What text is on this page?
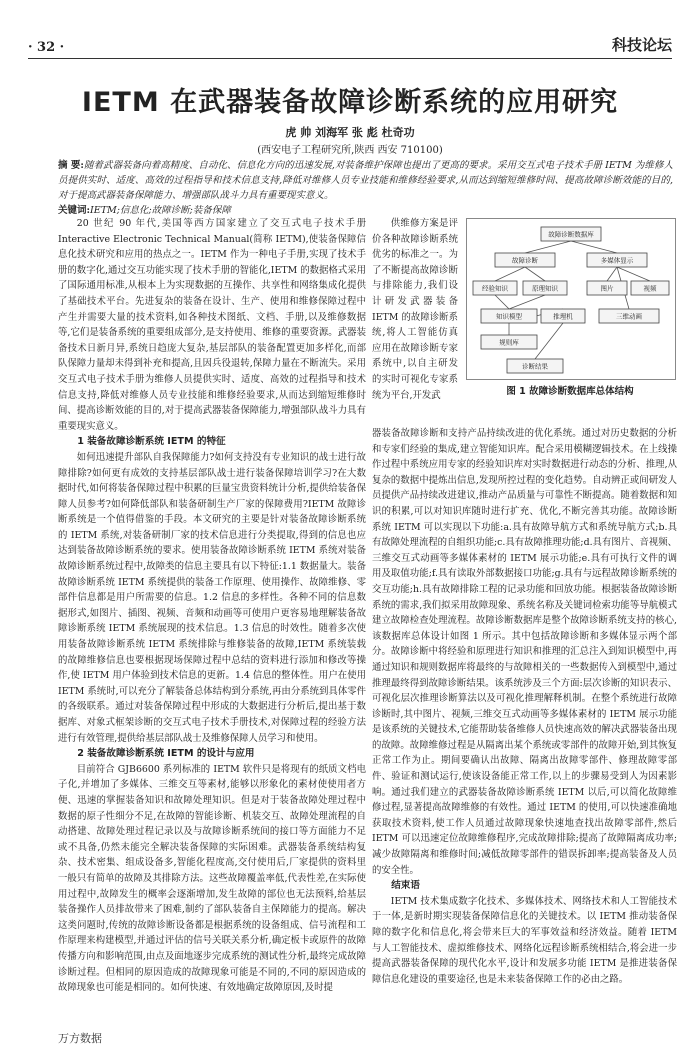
· 32 ·	科技论坛
IETM 在武器装备故障诊断系统的应用研究
虎 帅 刘海军 张 彪 杜奇功
(西安电子工程研究所,陕西 西安 710100)
摘 要:随着武器装备向着高精度、自动化、信息化方向的迅速发展,对装备维护保障也提出了更高的要求。采用交互式电子技术手册 IETM 为维修人员提供实时、适度、高效的过程指导和技术信息支持,降低对维修人员专业技能和维修经验要求,从而达到缩短维修时间、提高故障诊断效能的目的,对于提高武器装备保障能力、增强部队战斗力具有重要现实意义。
关键词:IETM;信息化;故障诊断;装备保障

20 世纪 90 年代,美国等西方国家建立了交互式电子技术手册 Interactive Electronic Technical Manual(简称 IETM),使装备保障信息化技术研究和应用的热点之一。IETM 作为一种电子手册,实现了技术手册的数字化,通过交互功能实现了技术手册的智能化,IETM 的数据格式采用了国际通用标准,从根本上为实现数据的互操作、共享性和网络集成化提供了基础技术平台。先进复杂的装备在设计、生产、使用和维修保障过程中产生并需要大量的技术资料,如各种技术图纸、文档、手册,以及维修数据等,它们是装备系统的重要组成部分,是支持使用、维修的重要资源。武器装备技术日新月异,系统日趋庞大复杂,基层部队的装备配置更加多样化,而部队保障力量却未得到补充和提高,且因兵役退转,保障力量在不断流失。采用交互式电子技术手册为维修人员提供实时、适度、高效的过程指导和技术信息支持,降低对维修人员专业技能和维修经验要求,从而达到缩短维修时间、提高诊断效能的目的,对于提高武器装备保障能力,增强部队战斗力具有重要现实意义。

1 装备故障诊断系统 IETM 的特征

如何迅速提升部队自我保障能力?如何支持没有专业知识的战士进行故障排除?如何更有成效的支持基层部队战士进行装备保障培训学习?在大数据时代,如何将装备保障过程中积累的巨量宝贵资料统计分析,提供给装备保障人员参考?如何降低部队和装备研制生产厂家的保障费用?IETM 故障诊断系统是一个值得借鉴的手段。本文研究的主要是针对装备故障诊断系统的 IETM 系统,对装备研制厂家的技术信息进行分类提取,得到的信息也应达到装备故障诊断系统的要求。使用装备故障诊断系统 IETM 系统对装备故障诊断系统过程中,故障类的信息主要具有以下特征:1.1 数据量大。装备故障诊断系统 IETM 系统提供的装备工作原理、使用操作、故障维修、零部件信息都是用户所需要的信息。1.2 信息的多样性。各种不同的信息数据形式,如图片、插图、视频、音频和动画等可使用户更容易地理解装备故障诊断系统 IETM 系统展现的技术信息。1.3 信息的时效性。随着多次使用装备故障诊断系统 IETM 系统排除与维修装备的故障,IETM 系统装载的故障维修信息也要根据现场保障过程中总结的资料进行添加和修改等操作,使 IETM 用户体验到技术信息的更新。1.4 信息的整体性。用户在使用 IETM 系统时,可以充分了解装备总体结构到分系统,再由分系统到具体零件的各级联系。通过对装备保障过程中形成的大数据进行分析后,提出基于数据库、对象式框架诊断的交互式电子技术手册技术,对保障过程的经验方法进行有效管理,提供给基层部队战士及维修保障人员学习和使用。

2 装备故障诊断系统 IETM 的设计与应用

目前符合 GJB6600 系列标准的 IETM 软件只是将现有的纸质文档电子化,并增加了多媒体、三维交互等素材,能够以形象化的素材使使用者方便、迅速的掌握装备知识和故障处理知识。但是对于装备故障处理过程中数据的原子性细分不足,在故障的智能诊断、机装交互、故障处理流程的自动搭建、故障处理过程记录以及与故障诊断系统间的接口等方面能力不足或不具备,仍然未能完全解决装备保障的实际困难。武器装备系统结构复杂、技术密集、组成设备多,智能化程度高,交付使用后,厂家提供的资料里一般只有简单的故障及其排除方法。这些故障覆盖率低,代表性差,在实际使用过程中,故障发生的概率会逐渐增加,发生故障的部位也无法预料,给基层装备操作人员排故带来了困难,制约了部队装备自主保障能力的提高。解决这类问题时,传统的故障诊断设备都是根据系统的设备组成、信号流程和工作原理来构建模型,并通过评估的信号关联关系分析,确定板卡或原件的故障传播方向和影响范围,由点及面地逐步完成系统的测试性分析,最终完成故障诊断过程。但相同的原因造成的故障现象可能是不同的,不同的原因造成的故障现象也可能是相同的。如何快速、有效地确定故障原因,及时提

供维修方案是评价各种故障诊断系统优劣的标准之一。为了不断提高故障诊断与排除能力,我们设计研发武器装备 IETM 的故障诊断系统,将人工智能仿真应用在故障诊断专家系统中,以自主研发的实时可视化专家系统为平台,开发武

器装备故障诊断和支持产品持续改进的优化系统。通过对历史数据的分析和专家们经验的集成,建立智能知识库。配合采用模糊逻辑技术。在上线操作过程中系统应用专家的经验知识库对实时数据进行动态的分析、推理,从复杂的数据中提炼出信息,发现所控过程的变化趋势。自动辨正或间研发人员提供产品持续改进建议,推动产品质量与可靠性不断提高。随着数据和知识的积累,可以对知识库随时进行扩充、优化,不断完善其功能。故障诊断系统 IETM 可以实现以下功能:a.具有故障导航方式和系统导航方式;b.具有故障处理流程的自组织功能;c.具有故障推理功能;d.具有图片、音视频、三维交互式动画等多媒体素材的 IETM 展示功能;e.具有可执行文件的调用及取值功能;f.具有读取外部数据接口功能;g.具有与远程故障诊断系统的交互功能;h.具有故障排除工程的记录功能和回放功能。根据装备故障诊断系统的需求,我们拟采用故障现象、系统名称及关键词检索功能等导航模式建立故障检查处理流程。故障诊断数据库是整个故障诊断系统支持的核心,该数据库总体设计如图 1 所示。其中包括故障诊断和多媒体显示两个部分。故障诊断中将经验和原理进行知识和推理的汇总注入到知识模型中,再通过知识和规则数据库将最终的与故障相关的一些数据传入到模型中,通过推理最终得到故障诊断结果。该系统涉及三个方面:层次诊断的知识表示、可视化层次推理诊断算法以及可视化推理解释机制。在整个系统进行故障诊断时,其中图片、视频,三维交互式动画等多媒体素材的 IETM 展示功能是该系统的关键技术,它能帮助装备维修人员快速高效的解决武器装备出现的故障。故障维修过程是从隔离出某个系统或零部件的故障开始,到其恢复正常工作为止。期间要确认出故障、隔离出故障零部件、修理故障零部件、验证和测试运行,使该设备能正常工作,以上的步骤易受到人为因素影响。通过我们建立的武器装备故障诊断系统 IETM 以后,可以简化故障维修过程,显著提高故障维修的有效性。通过 IETM 的使用,可以快速准确地获取技术资料,使工作人员通过故障现象快速地查找出故障零部件,然后 IETM 可以迅速定位故障维修程序,完成故障排除;提高了故障隔离成功率;减少故障隔离和维修时间;减低故障零部件的错误拆卸率;提高装备及人员的安全性。

结束语

IETM 技术集成数字化技术、多媒体技术、网络技术和人工智能技术于一体,是新时期实现装备保障信息化的关键技术。以 IETM 推动装备保障的数字化和信息化,将会带来巨大的军事效益和经济效益。随着 IETM 与人工智能技术、虚拟维修技术、网络化远程诊断系统相结合,将会进一步提高武器装备保障的现代化水平,设计和发展多功能 IETM 是推进装备保障信息化建设的重要途径,也是未来装备保障工作的必由之路。

故障诊断数据库
故障诊断	多媒体显示
经验知识	原理知识
知识模型	推理机
规则库
诊断结果
图片	视频
三维动画
图 1 故障诊断数据库总体结构
万方数据
